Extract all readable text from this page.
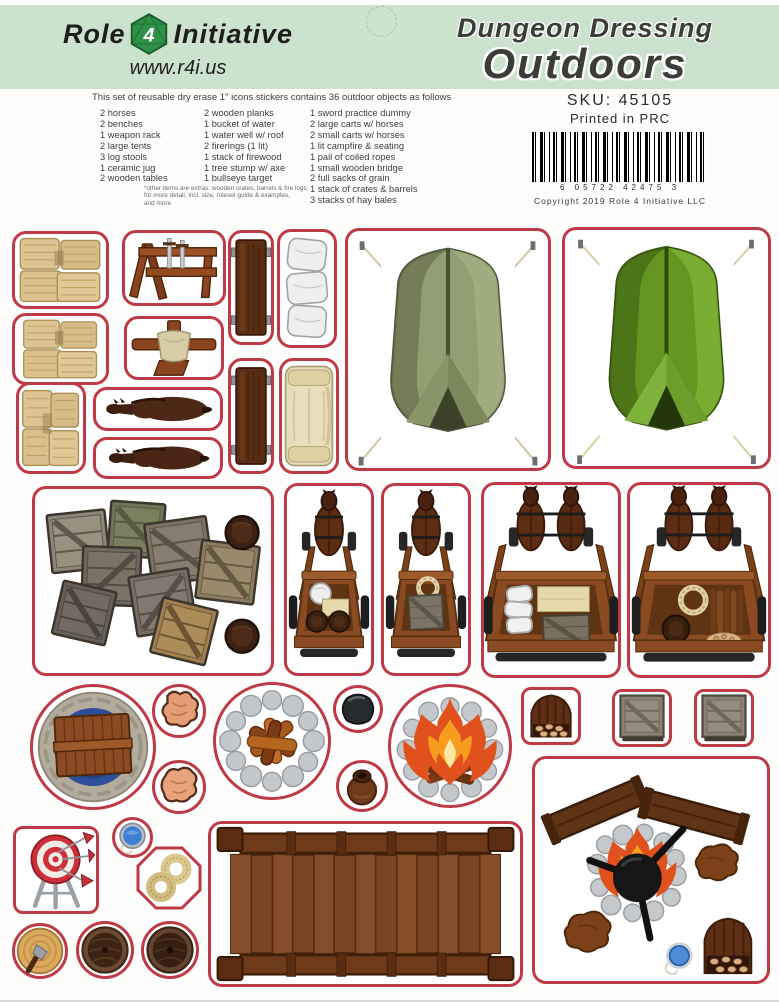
Role 4 Initiative
www.r4i.us
Dungeon Dressing
Outdoors
This set of reusable dry erase 1" icons stickers contains 36 outdoor objects as follows
2 horses
2 benches
1 weapon rack
2 large tents
3 log stools
1 ceramic jug
2 wooden tables
2 wooden planks
1 bucket of water
1 water well w/ roof
2 firerings (1 lit)
1 stack of firewood
1 tree stump w/ axe
1 bullseye target
1 sword practice dummy
2 large carts w/ horses
2 small carts w/ horses
1 lit campfire & seating
1 pail of coiled ropes
1 small wooden bridge
2 full sacks of grain
1 stack of crates & barrels
3 stacks of hay bales
*other items are extras: wooden crates, barrels & fire logs;
for more detail, incl. size, ruleset guide & examples,
and more
SKU: 45105
Printed in PRC
6 05722 42475 3
Copyright 2019 Role 4 Initiative LLC
